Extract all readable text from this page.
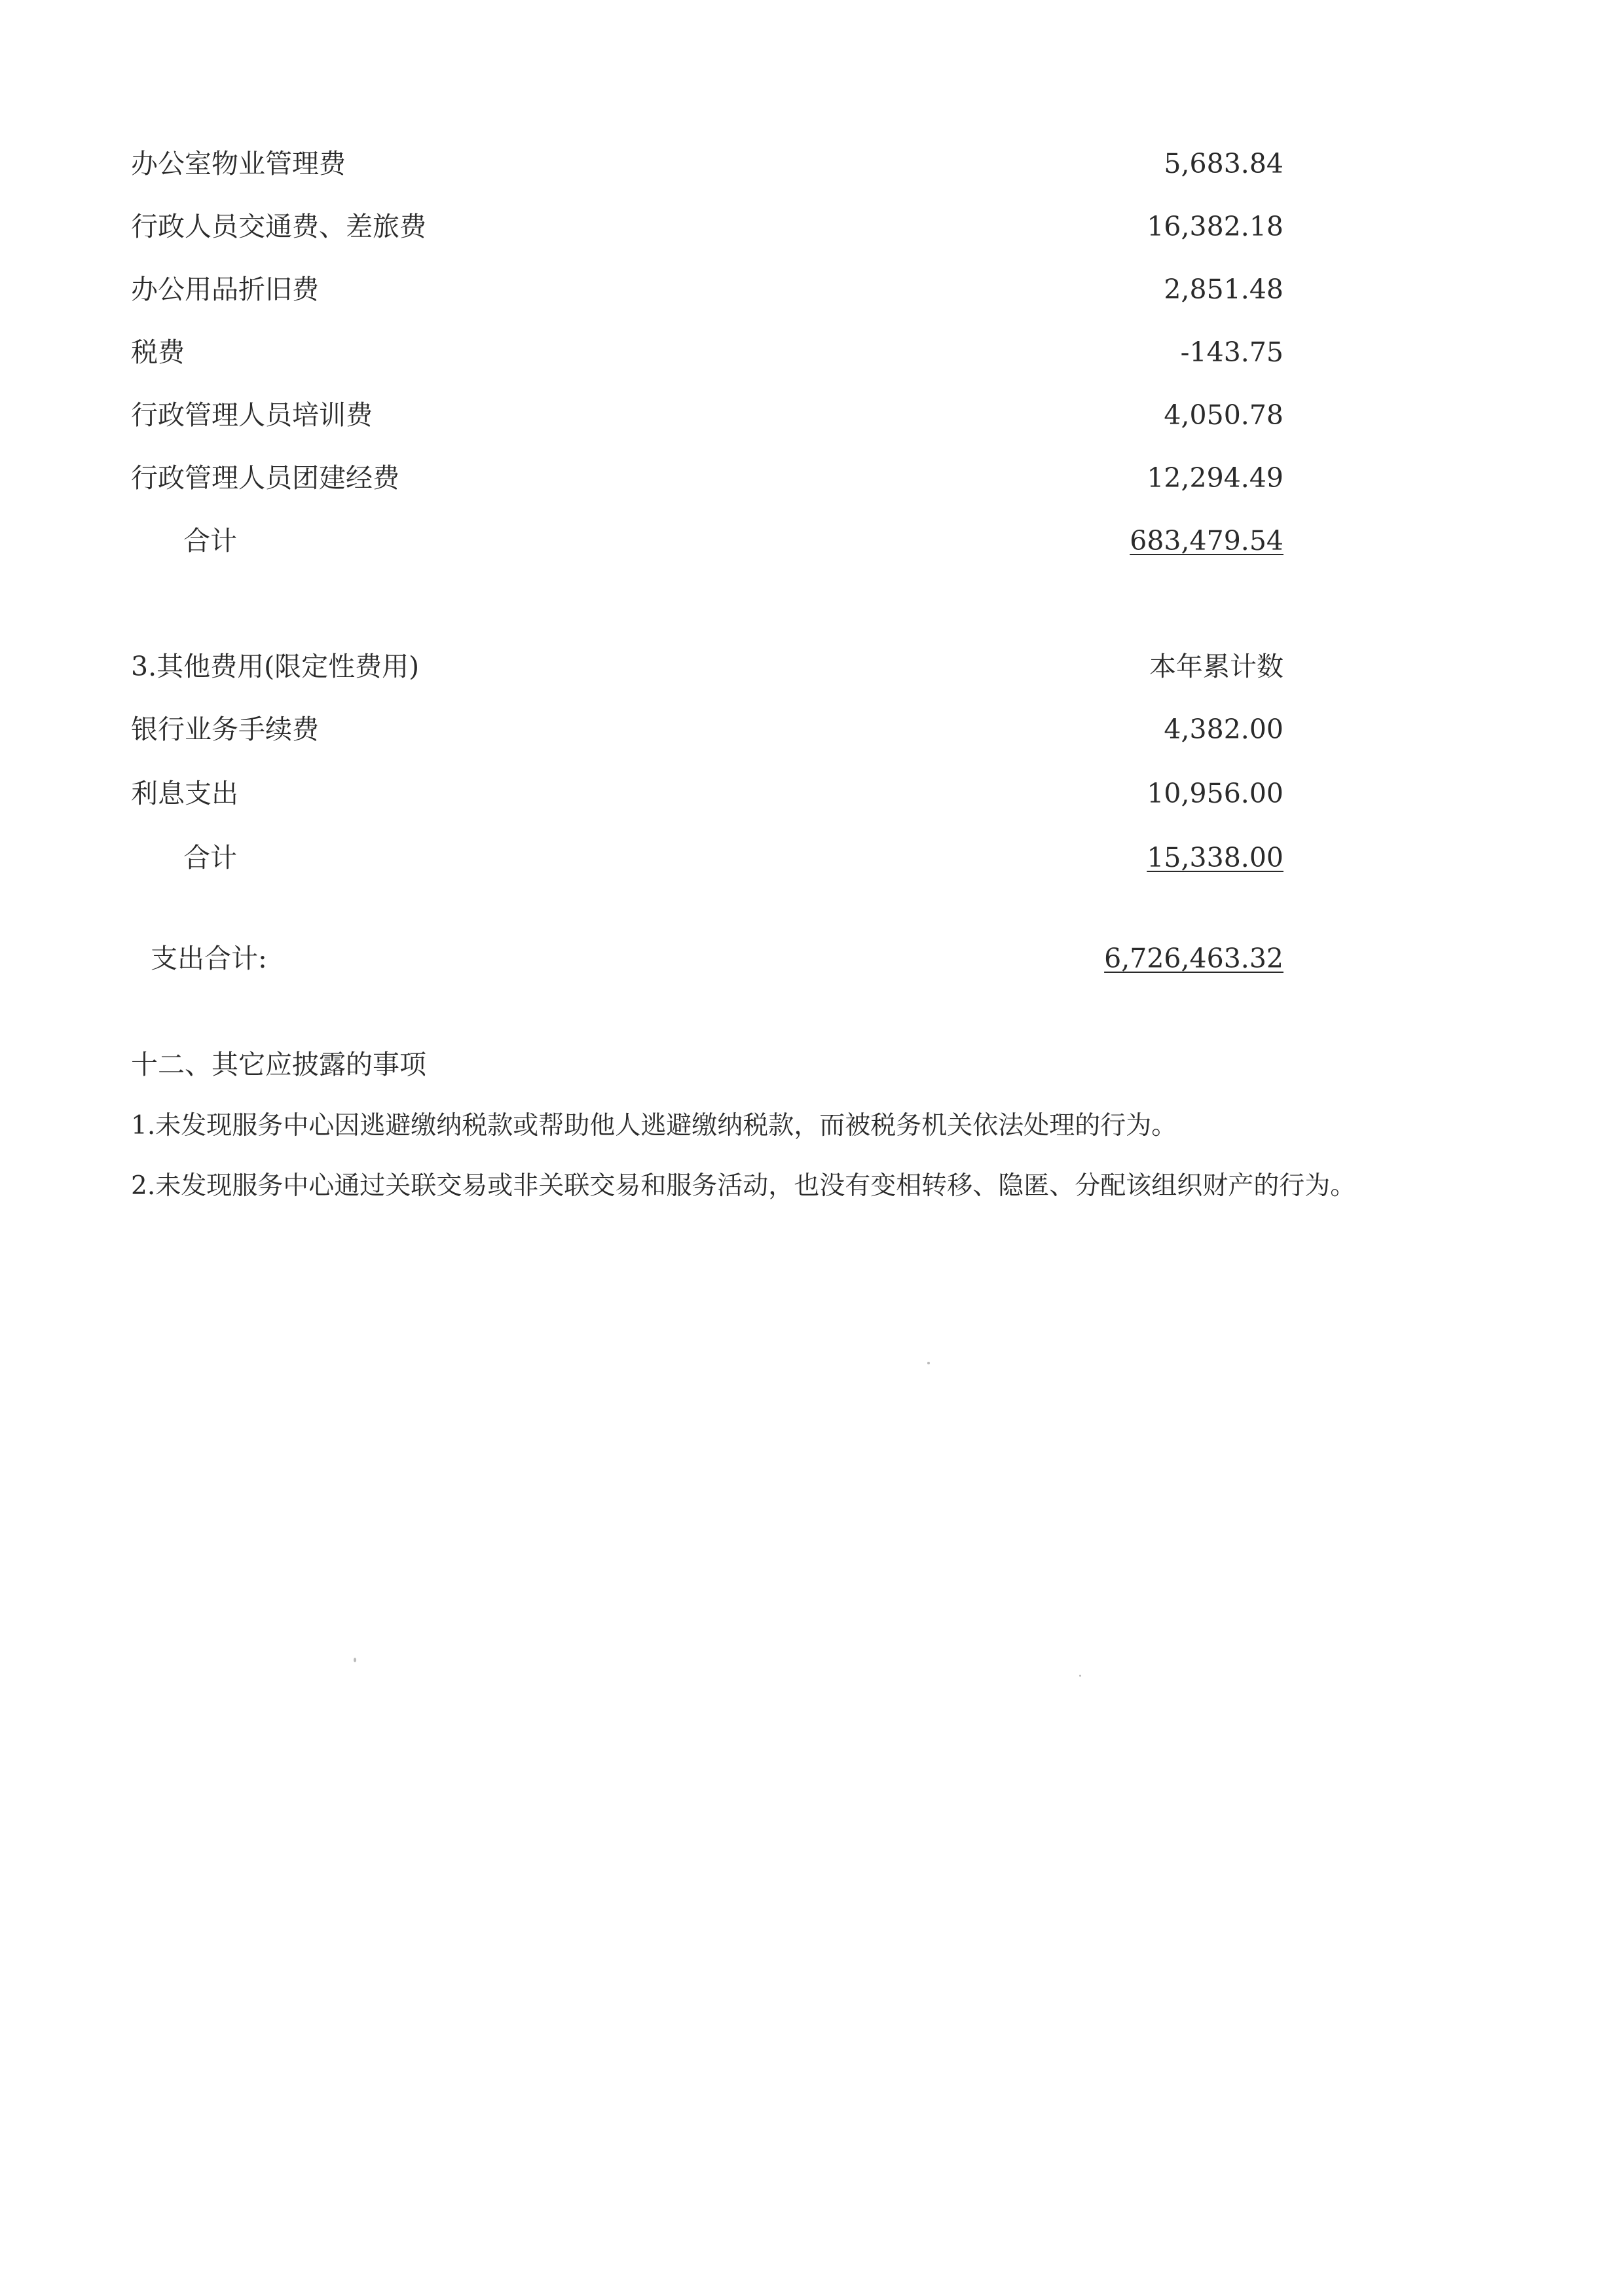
办公室物业管理费	5,683.84
行政人员交通费、差旅费	16,382.18
办公用品折旧费	2,851.48
税费	-143.75
行政管理人员培训费	4,050.78
行政管理人员团建经费	12,294.49
合计	683,479.54
3.其他费用(限定性费用)	本年累计数
银行业务手续费	4,382.00
利息支出	10,956.00
合计	15,338.00
支出合计:	6,726,463.32
十二、其它应披露的事项
1.未发现服务中心因逃避缴纳税款或帮助他人逃避缴纳税款，而被税务机关依法处理的行为。
2.未发现服务中心通过关联交易或非关联交易和服务活动，也没有变相转移、隐匿、分配该组织财产的行为。
